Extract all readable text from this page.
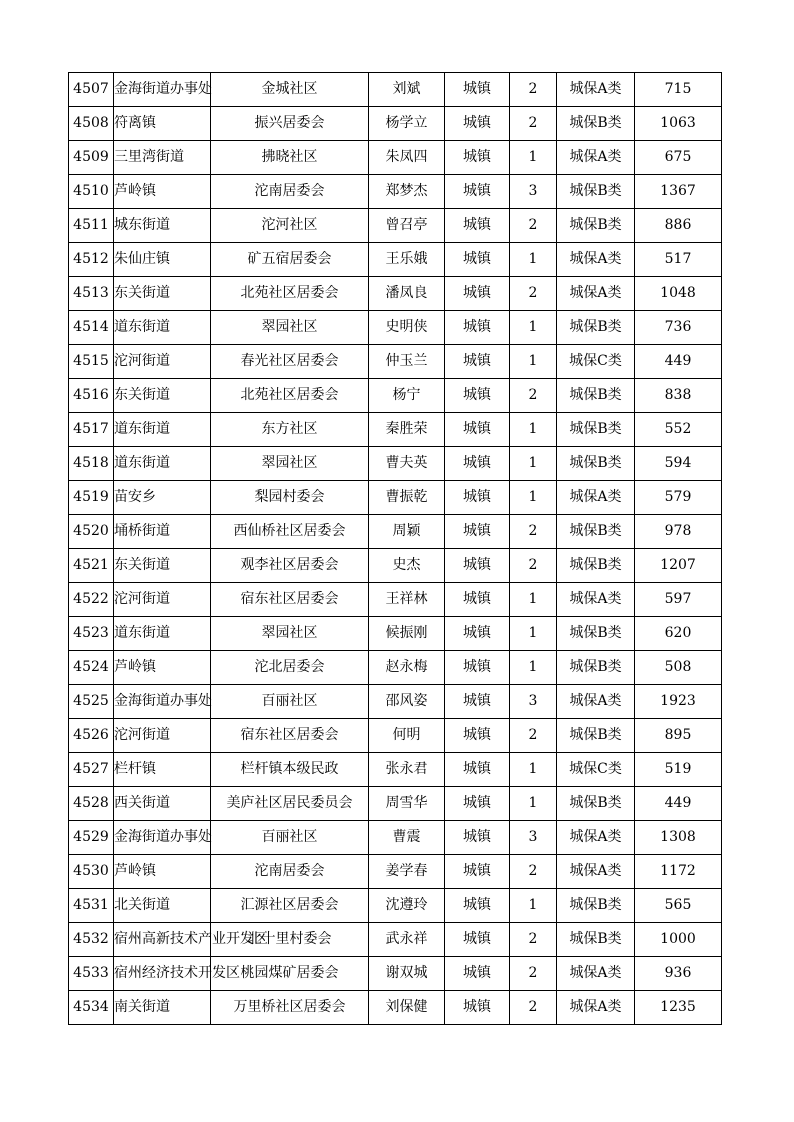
4507	金海街道办事处	金城社区	刘斌	城镇	2	城保A类	715
4508	符离镇	振兴居委会	杨学立	城镇	2	城保B类	1063
4509	三里湾街道	拂晓社区	朱凤四	城镇	1	城保A类	675
4510	芦岭镇	沱南居委会	郑梦杰	城镇	3	城保B类	1367
4511	城东街道	沱河社区	曾召亭	城镇	2	城保B类	886
4512	朱仙庄镇	矿五宿居委会	王乐娥	城镇	1	城保A类	517
4513	东关街道	北苑社区居委会	潘凤良	城镇	2	城保A类	1048
4514	道东街道	翠园社区	史明侠	城镇	1	城保B类	736
4515	沱河街道	春光社区居委会	仲玉兰	城镇	1	城保C类	449
4516	东关街道	北苑社区居委会	杨宁	城镇	2	城保B类	838
4517	道东街道	东方社区	秦胜荣	城镇	1	城保B类	552
4518	道东街道	翠园社区	曹夫英	城镇	1	城保B类	594
4519	苗安乡	梨园村委会	曹振乾	城镇	1	城保A类	579
4520	埇桥街道	西仙桥社区居委会	周颖	城镇	2	城保B类	978
4521	东关街道	观李社区居委会	史杰	城镇	2	城保B类	1207
4522	沱河街道	宿东社区居委会	王祥林	城镇	1	城保A类	597
4523	道东街道	翠园社区	候振刚	城镇	1	城保B类	620
4524	芦岭镇	沱北居委会	赵永梅	城镇	1	城保B类	508
4525	金海街道办事处	百丽社区	邵风姿	城镇	3	城保A类	1923
4526	沱河街道	宿东社区居委会	何明	城镇	2	城保B类	895
4527	栏杆镇	栏杆镇本级民政	张永君	城镇	1	城保C类	519
4528	西关街道	美庐社区居民委员会	周雪华	城镇	1	城保B类	449
4529	金海街道办事处	百丽社区	曹震	城镇	3	城保A类	1308
4530	芦岭镇	沱南居委会	姜学春	城镇	2	城保A类	1172
4531	北关街道	汇源社区居委会	沈遵玲	城镇	1	城保B类	565
4532	宿州高新技术产业开发区	北十里村委会	武永祥	城镇	2	城保B类	1000
4533	宿州经济技术开发区	桃园煤矿居委会	谢双城	城镇	2	城保A类	936
4534	南关街道	万里桥社区居委会	刘保健	城镇	2	城保A类	1235
